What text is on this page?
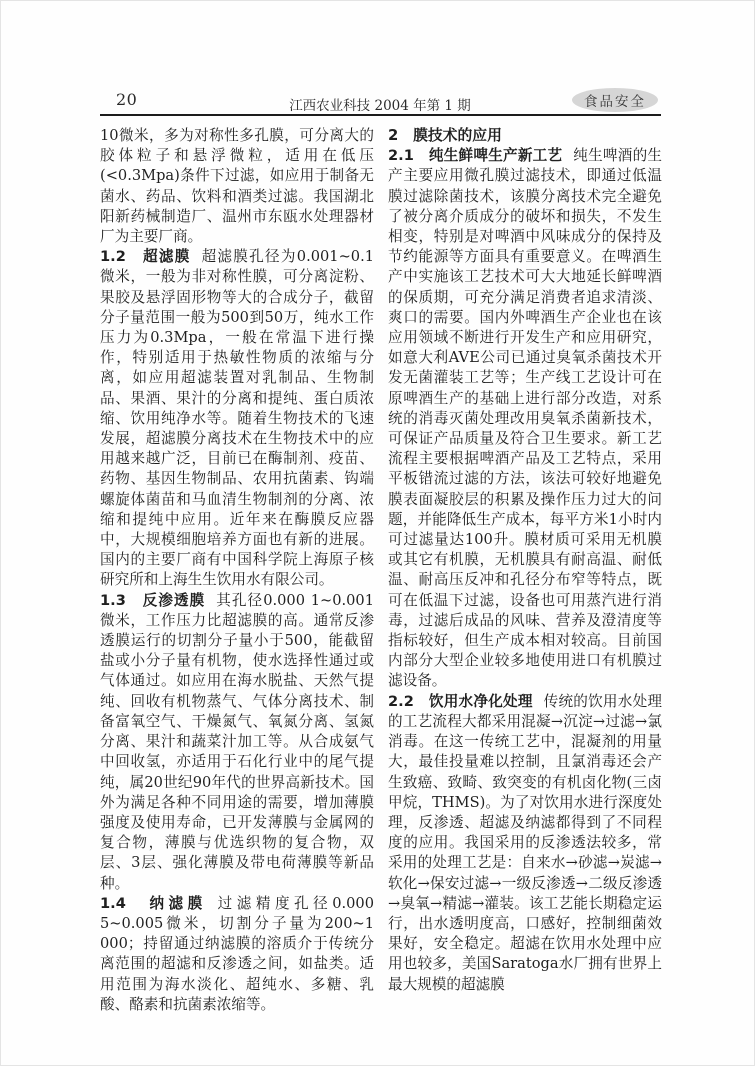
20	江西农业科技 2004 年第 1 期	食品安全

10微米，多为对称性多孔膜，可分离大的胶体粒子和悬浮微粒，适用在低压(<0.3Mpa)条件下过滤，如应用于制备无菌水、药品、饮料和酒类过滤。我国湖北阳新药械制造厂、温州市东瓯水处理器材厂为主要厂商。

1.2　超滤膜 超滤膜孔径为0.001~0.1微米，一般为非对称性膜，可分离淀粉、果胶及悬浮固形物等大的合成分子，截留分子量范围一般为500到50万，纯水工作压力为0.3Mpa，一般在常温下进行操作，特别适用于热敏性物质的浓缩与分离，如应用超滤装置对乳制品、生物制品、果酒、果汁的分离和提纯、蛋白质浓缩、饮用纯净水等。随着生物技术的飞速发展，超滤膜分离技术在生物技术中的应用越来越广泛，目前已在酶制剂、疫苗、药物、基因生物制品、农用抗菌素、钩端螺旋体菌苗和马血清生物制剂的分离、浓缩和提纯中应用。近年来在酶膜反应器中，大规模细胞培养方面也有新的进展。国内的主要厂商有中国科学院上海原子核研究所和上海生生饮用水有限公司。

1.3　反渗透膜 其孔径0.000 1~0.001微米，工作压力比超滤膜的高。通常反渗透膜运行的切割分子量小于500，能截留盐或小分子量有机物，使水选择性通过或气体通过。如应用在海水脱盐、天然气提纯、回收有机物蒸气、气体分离技术、制备富氧空气、干燥氮气、氧氮分离、氢氮分离、果汁和蔬菜汁加工等。从合成氨气中回收氢，亦适用于石化行业中的尾气提纯，属20世纪90年代的世界高新技术。国外为满足各种不同用途的需要，增加薄膜强度及使用寿命，已开发薄膜与金属网的复合物，薄膜与优选织物的复合物，双层、3层、强化薄膜及带电荷薄膜等新品种。

1.4　纳滤膜 过滤精度孔径0.000 5~0.005微米，切割分子量为200~1 000；持留通过纳滤膜的溶质介于传统分离范围的超滤和反渗透之间，如盐类。适用范围为海水淡化、超纯水、多糖、乳酸、酪素和抗菌素浓缩等。

2　膜技术的应用

2.1　纯生鲜啤生产新工艺 纯生啤酒的生产主要应用微孔膜过滤技术，即通过低温膜过滤除菌技术，该膜分离技术完全避免了被分离介质成分的破坏和损失，不发生相变，特别是对啤酒中风味成分的保持及节约能源等方面具有重要意义。在啤酒生产中实施该工艺技术可大大地延长鲜啤酒的保质期，可充分满足消费者追求清淡、爽口的需要。国内外啤酒生产企业也在该应用领域不断进行开发生产和应用研究，如意大利AVE公司已通过臭氧杀菌技术开发无菌灌装工艺等；生产线工艺设计可在原啤酒生产的基础上进行部分改造，对系统的消毒灭菌处理改用臭氧杀菌新技术，可保证产品质量及符合卫生要求。新工艺流程主要根据啤酒产品及工艺特点，采用平板错流过滤的方法，该法可较好地避免膜表面凝胶层的积累及操作压力过大的问题，并能降低生产成本，每平方米1小时内可过滤量达100升。膜材质可采用无机膜或其它有机膜，无机膜具有耐高温、耐低温、耐高压反冲和孔径分布窄等特点，既可在低温下过滤，设备也可用蒸汽进行消毒，过滤后成品的风味、营养及澄清度等指标较好，但生产成本相对较高。目前国内部分大型企业较多地使用进口有机膜过滤设备。

2.2　饮用水净化处理 传统的饮用水处理的工艺流程大都采用混凝→沉淀→过滤→氯消毒。在这一传统工艺中，混凝剂的用量大，最佳投量难以控制，且氯消毒还会产生致癌、致畸、致突变的有机卤化物(三卤甲烷，THMS)。为了对饮用水进行深度处理，反渗透、超滤及纳滤都得到了不同程度的应用。我国采用的反渗透法较多，常采用的处理工艺是：自来水→砂滤→炭滤→软化→保安过滤→一级反渗透→二级反渗透→臭氧→精滤→灌装。该工艺能长期稳定运行，出水透明度高，口感好，控制细菌效果好，安全稳定。超滤在饮用水处理中应用也较多，美国Saratoga水厂拥有世界上最大规模的超滤膜
